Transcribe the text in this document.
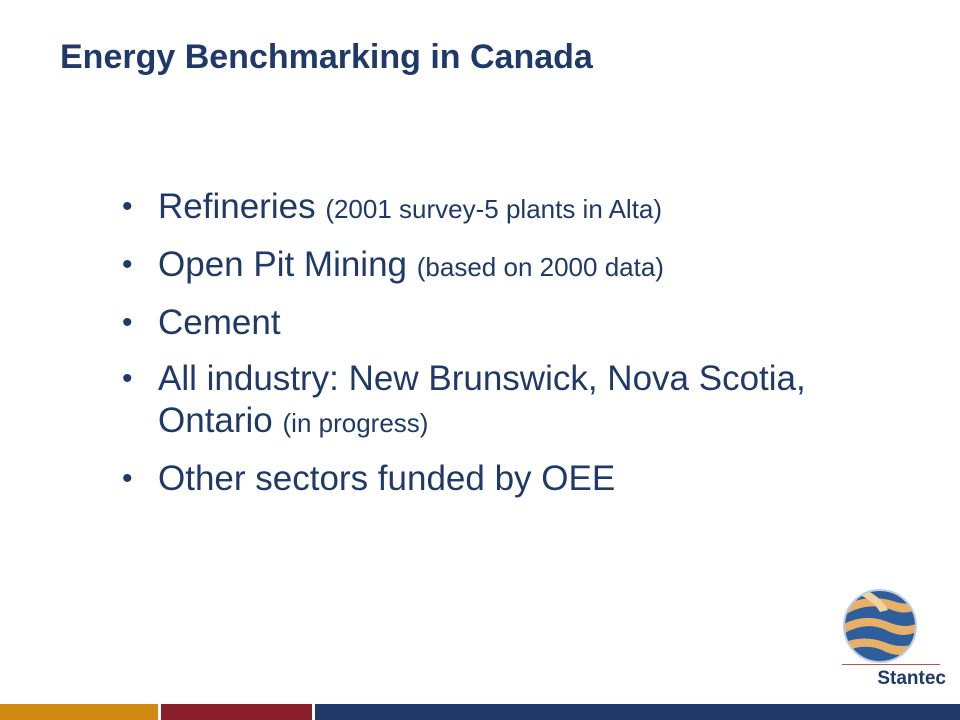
Energy Benchmarking in Canada
• Refineries (2001 survey-5 plants in Alta)
• Open Pit Mining (based on 2000 data)
• Cement
• All industry: New Brunswick, Nova Scotia, Ontario (in progress)
• Other sectors funded by OEE
Stantec
